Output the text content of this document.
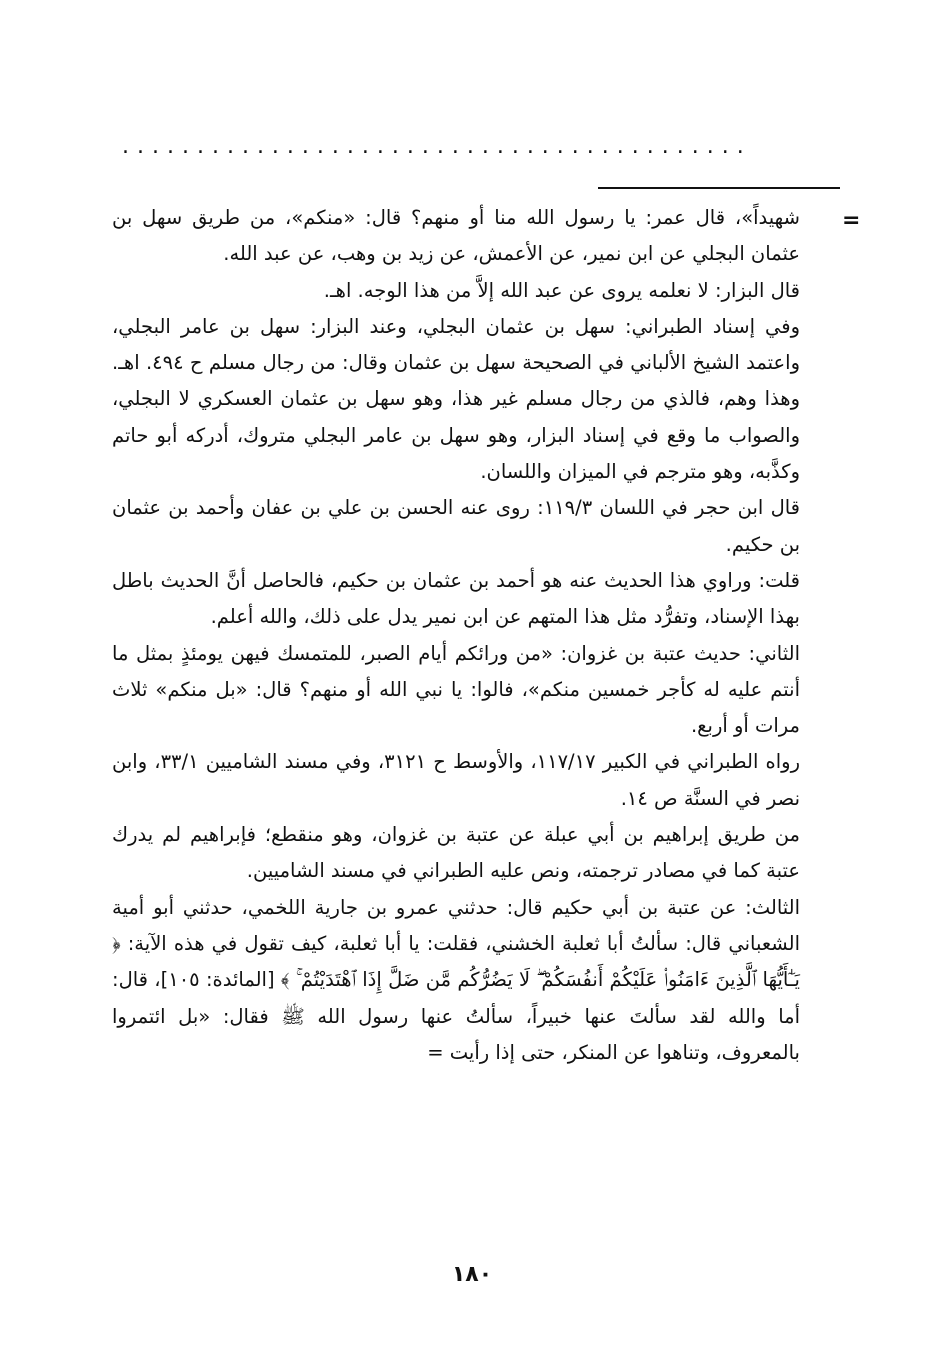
..........................................
=

شهيداً»، قال عمر: يا رسول الله منا أو منهم؟ قال: «منكم»، من طريق سهل بن عثمان البجلي عن ابن نمير، عن الأعمش، عن زيد بن وهب، عن عبد الله.

قال البزار: لا نعلمه يروى عن عبد الله إلاَّ من هذا الوجه. اهـ.

وفي إسناد الطبراني: سهل بن عثمان البجلي، وعند البزار: سهل بن عامر البجلي، واعتمد الشيخ الألباني في الصحيحة سهل بن عثمان وقال: من رجال مسلم ح ٤٩٤. اهـ. وهذا وهم، فالذي من رجال مسلم غير هذا، وهو سهل بن عثمان العسكري لا البجلي، والصواب ما وقع في إسناد البزار، وهو سهل بن عامر البجلي متروك، أدركه أبو حاتم وكذَّبه، وهو مترجم في الميزان واللسان.

قال ابن حجر في اللسان ١١٩/٣: روى عنه الحسن بن علي بن عفان وأحمد بن عثمان بن حكيم.

قلت: وراوي هذا الحديث عنه هو أحمد بن عثمان بن حكيم، فالحاصل أنَّ الحديث باطل بهذا الإسناد، وتفرُّد مثل هذا المتهم عن ابن نمير يدل على ذلك، والله أعلم.

الثاني: حديث عتبة بن غزوان: «من ورائكم أيام الصبر، للمتمسك فيهن يومئذٍ بمثل ما أنتم عليه له كأجر خمسين منكم»، فالوا: يا نبي الله أو منهم؟ قال: «بل منكم» ثلاث مرات أو أربع.

رواه الطبراني في الكبير ١١٧/١٧، والأوسط ح ٣١٢١، وفي مسند الشاميين ٣٣/١، وابن نصر في السنَّة ص ١٤.

من طريق إبراهيم بن أبي عبلة عن عتبة بن غزوان، وهو منقطع؛ فإبراهيم لم يدرك عتبة كما في مصادر ترجمته، ونص عليه الطبراني في مسند الشاميين.

الثالث: عن عتبة بن أبي حكيم قال: حدثني عمرو بن جارية اللخمي، حدثني أبو أمية الشعباني قال: سألتُ أبا ثعلبة الخشني، فقلت: يا أبا ثعلبة، كيف تقول في هذه الآية: ﴿ يَـٰٓأَيُّهَا ٱلَّذِينَ ءَامَنُوا۟ عَلَيْكُمْ أَنفُسَكُمْ ۖ لَا يَضُرُّكُم مَّن ضَلَّ إِذَا ٱهْتَدَيْتُمْ ۚ ﴾ [المائدة: ١٠٥]، قال: أما والله لقد سألتَ عنها خبيراً، سألتُ عنها رسول الله ﷺ فقال: «بل ائتمروا بالمعروف، وتناهوا عن المنكر، حتى إذا رأيت =

١٨٠
